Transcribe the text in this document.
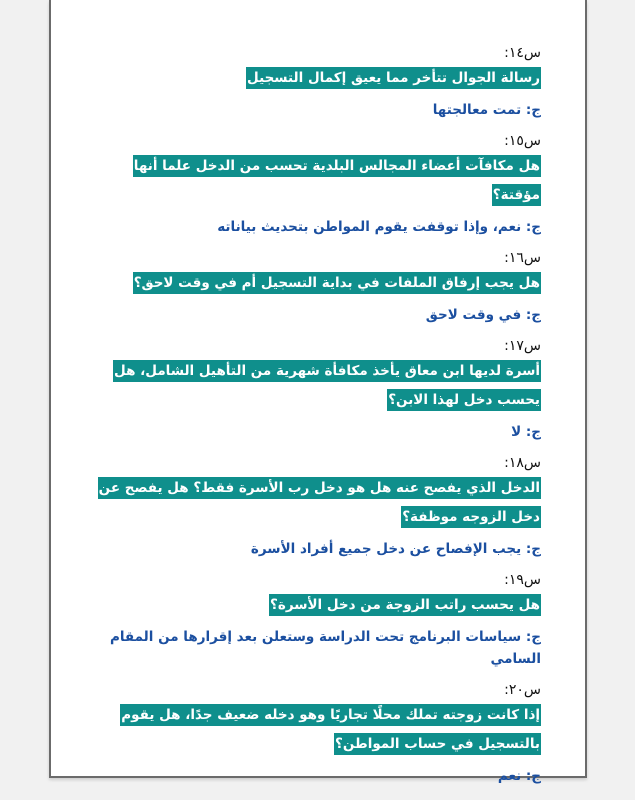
س١٤:
رسالة الجوال تتأخر مما يعيق إكمال التسجيل
ج: تمت معالجتها
س١٥:
هل مكافآت أعضاء المجالس البلدية تحسب من الدخل علما أنها مؤقتة؟
ج: نعم، وإذا توقفت يقوم المواطن بتحديث بياناته
س١٦:
هل يجب إرفاق الملفات في بداية التسجيل أم في وقت لاحق؟
ج: في وقت لاحق
س١٧:
أسرة لديها ابن معاق يأخذ مكافأة شهرية من التأهيل الشامل، هل يحسب دخل لهذا الابن؟
ج: لا
س١٨:
الدخل الذي يفصح عنه هل هو دخل رب الأسرة فقط؟ هل يفصح عن دخل الزوجه موظفة؟
ج: يجب الإفصاح عن دخل جميع أفراد الأسرة
س١٩:
هل يحسب راتب الزوجة من دخل الأسرة؟
ج: سياسات البرنامج تحت الدراسة وستعلن بعد إقرارها من المقام السامي
س٢٠:
إذا كانت زوجته تملك محلًا تجاريًا وهو دخله ضعيف جدًا، هل يقوم بالتسجيل في حساب المواطن؟
ج: نعم
